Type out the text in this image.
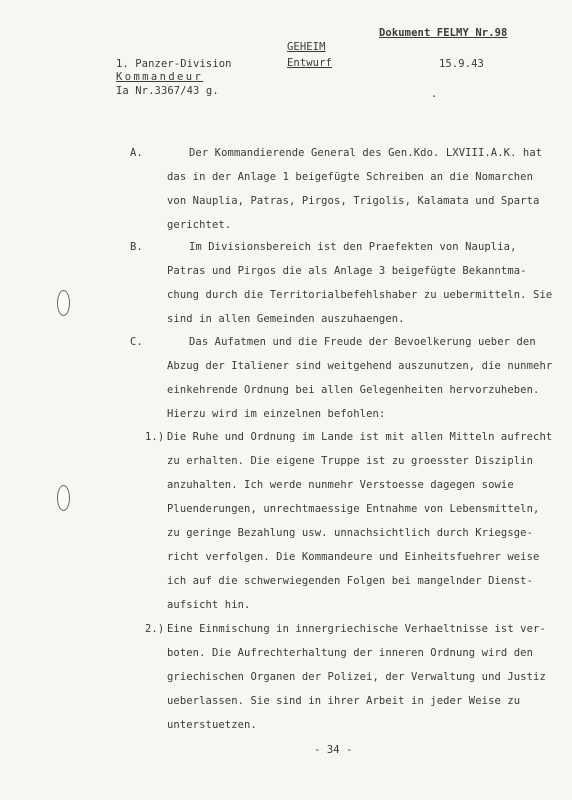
Dokument FELMY Nr.98
GEHEIM
Entwurf
1. Panzer-Division
Kommandeur
Ia Nr.3367/43 g.
15.9.43
.
A.	Der Kommandierende General des Gen.Kdo. LXVIII.A.K. hat
das in der Anlage 1 beigefügte Schreiben an die Nomarchen
von Nauplia, Patras, Pirgos, Trigolis, Kalamata und Sparta
gerichtet.
B.	Im Divisionsbereich ist den Praefekten von Nauplia,
Patras und Pirgos die als Anlage 3 beigefügte Bekanntma-
chung durch die Territorialbefehlshaber zu uebermitteln. Sie
sind in allen Gemeinden auszuhaengen.
C.	Das Aufatmen und die Freude der Bevoelkerung ueber den
Abzug der Italiener sind weitgehend auszunutzen, die nunmehr
einkehrende Ordnung bei allen Gelegenheiten hervorzuheben.
Hierzu wird im einzelnen befohlen:
1.) Die Ruhe und Ordnung im Lande ist mit allen Mitteln aufrecht
zu erhalten. Die eigene Truppe ist zu groesster Disziplin
anzuhalten. Ich werde nunmehr Verstoesse dagegen sowie
Pluenderungen, unrechtmaessige Entnahme von Lebensmitteln,
zu geringe Bezahlung usw. unnachsichtlich durch Kriegsge-
richt verfolgen. Die Kommandeure und Einheitsfuehrer weise
ich auf die schwerwiegenden Folgen bei mangelnder Dienst-
aufsicht hin.
2.) Eine Einmischung in innergriechische Verhaeltnisse ist ver-
boten. Die Aufrechterhaltung der inneren Ordnung wird den
griechischen Organen der Polizei, der Verwaltung und Justiz
ueberlassen. Sie sind in ihrer Arbeit in jeder Weise zu
unterstuetzen.
- 34 -
